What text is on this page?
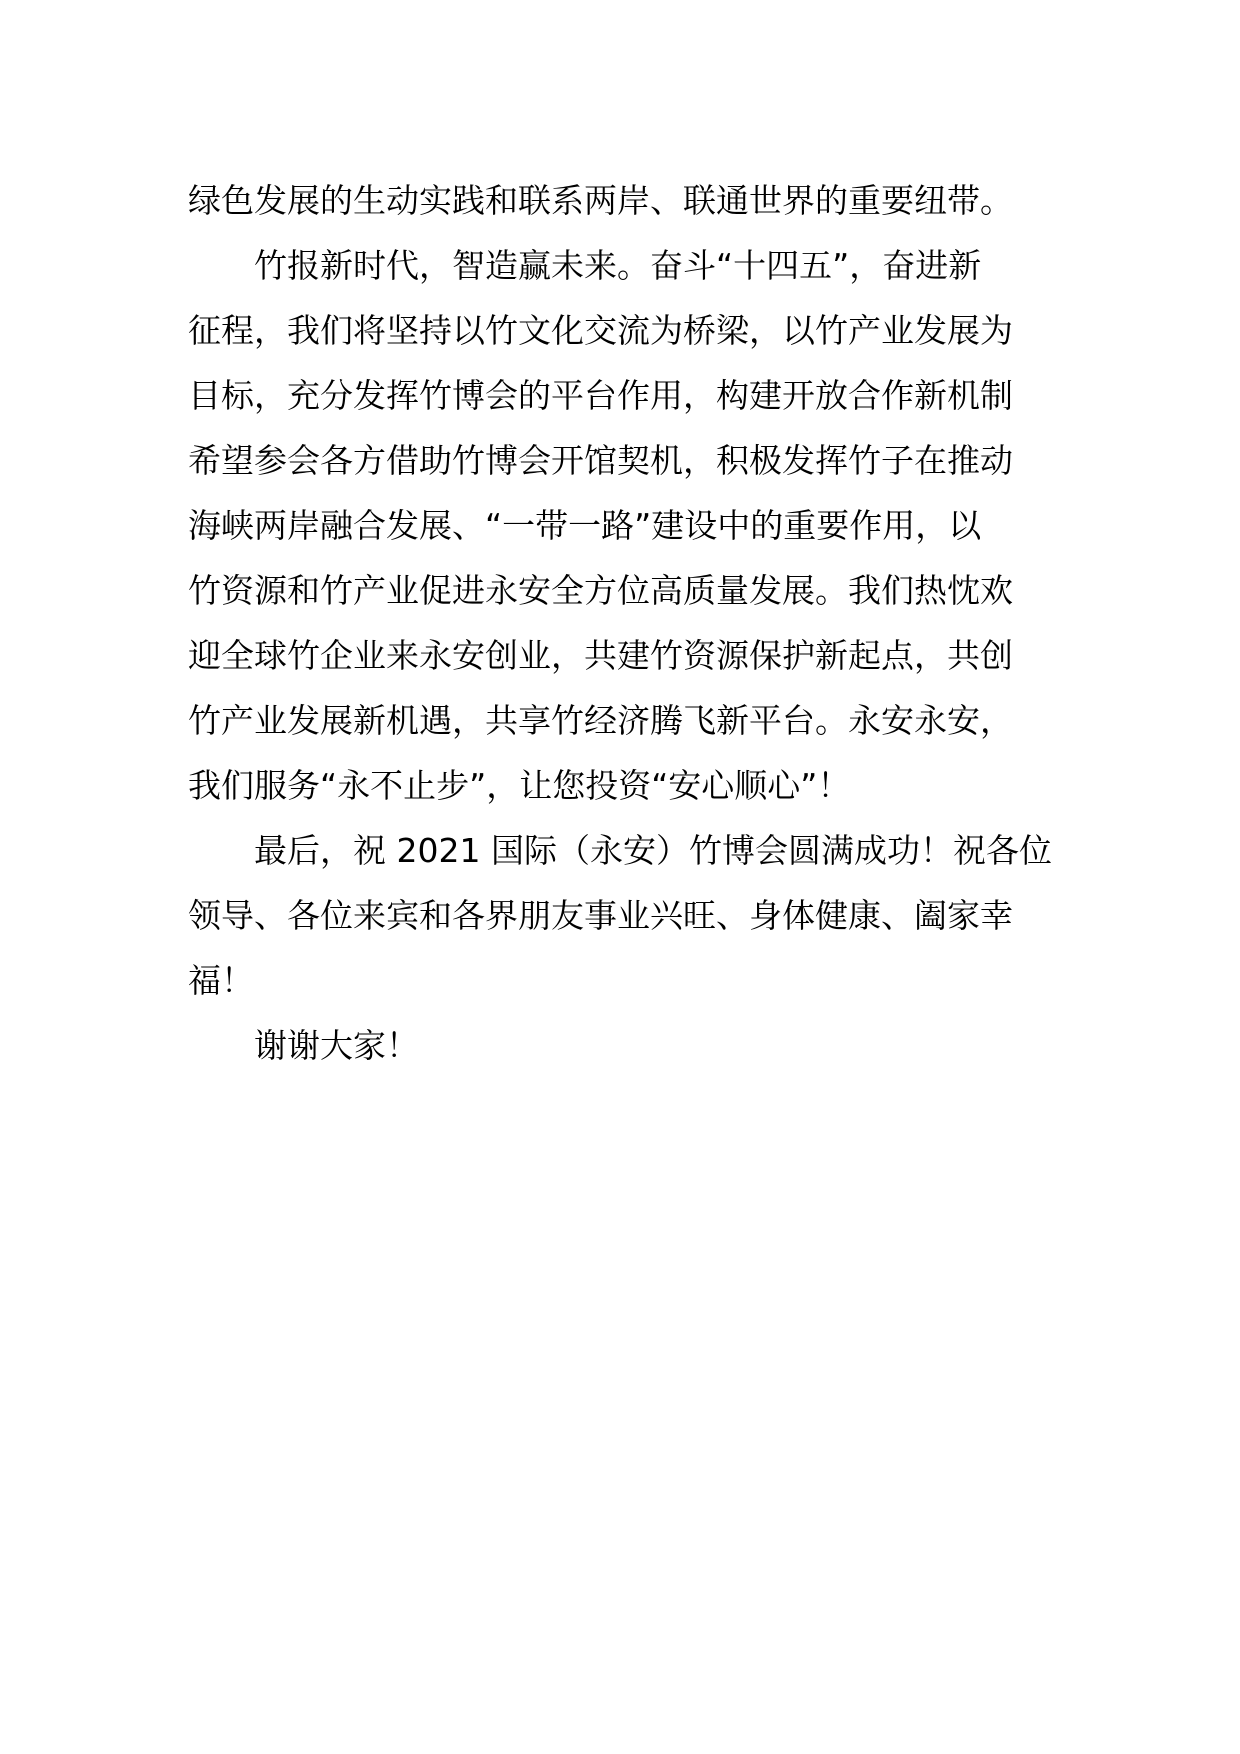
绿色发展的生动实践和联系两岸、联通世界的重要纽带。
竹报新时代，智造赢未来。奋斗“十四五”，奋进新
征程，我们将坚持以竹文化交流为桥梁，以竹产业发展为
目标，充分发挥竹博会的平台作用，构建开放合作新机制
希望参会各方借助竹博会开馆契机，积极发挥竹子在推动
海峡两岸融合发展、“一带一路”建设中的重要作用，以
竹资源和竹产业促进永安全方位高质量发展。我们热忱欢
迎全球竹企业来永安创业，共建竹资源保护新起点，共创
竹产业发展新机遇，共享竹经济腾飞新平台。永安永安，
我们服务“永不止步”，让您投资“安心顺心”！
最后，祝 2021 国际（永安）竹博会圆满成功！祝各位
领导、各位来宾和各界朋友事业兴旺、身体健康、阖家幸
福！
谢谢大家！
